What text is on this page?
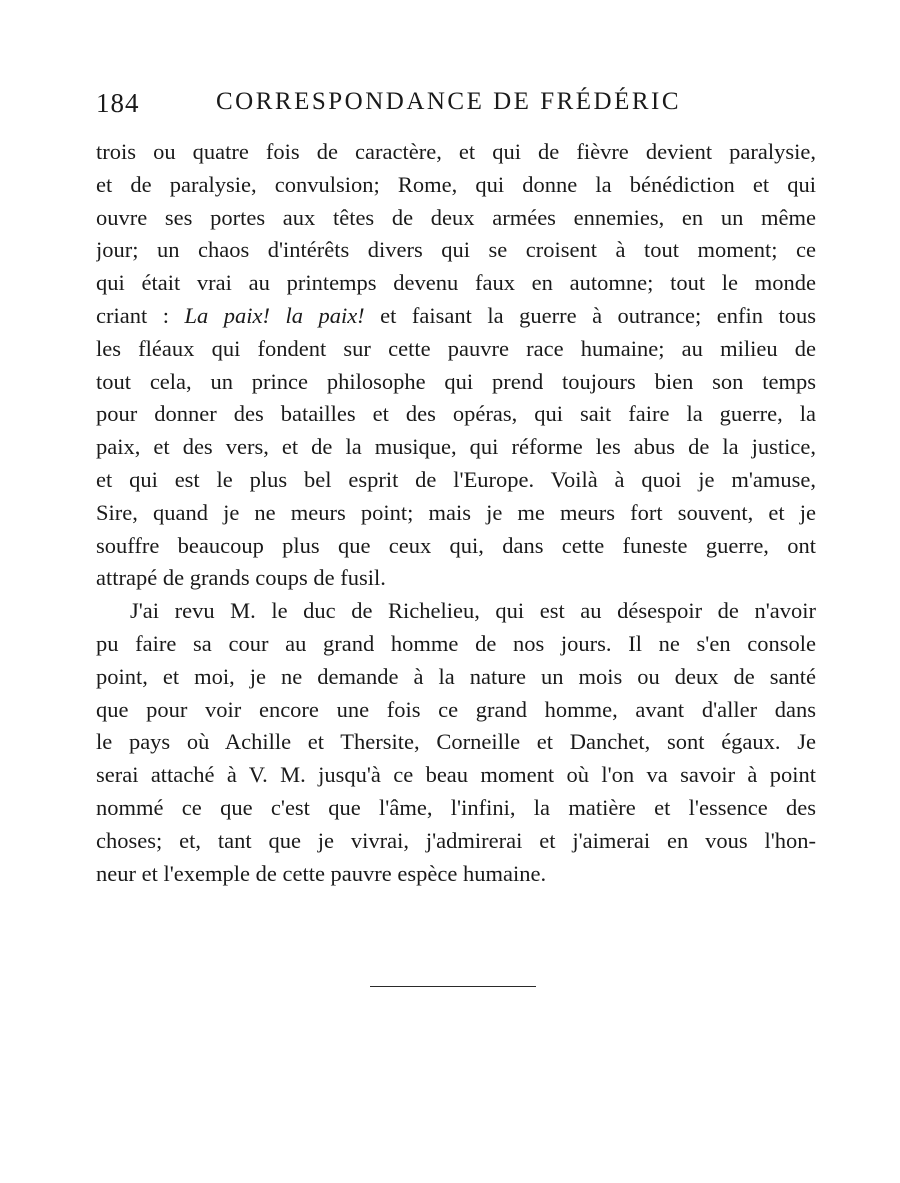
184	CORRESPONDANCE DE FRÉDÉRIC
trois ou quatre fois de caractère, et qui de fièvre devient paralysie,
et de paralysie, convulsion; Rome, qui donne la bénédiction et qui
ouvre ses portes aux têtes de deux armées ennemies, en un même
jour; un chaos d'intérêts divers qui se croisent à tout moment; ce
qui était vrai au printemps devenu faux en automne; tout le monde
criant : La paix! la paix! et faisant la guerre à outrance; enfin tous
les fléaux qui fondent sur cette pauvre race humaine; au milieu de
tout cela, un prince philosophe qui prend toujours bien son temps
pour donner des batailles et des opéras, qui sait faire la guerre, la
paix, et des vers, et de la musique, qui réforme les abus de la justice,
et qui est le plus bel esprit de l'Europe. Voilà à quoi je m'amuse,
Sire, quand je ne meurs point; mais je me meurs fort souvent, et je
souffre beaucoup plus que ceux qui, dans cette funeste guerre, ont
attrapé de grands coups de fusil.
J'ai revu M. le duc de Richelieu, qui est au désespoir de n'avoir
pu faire sa cour au grand homme de nos jours. Il ne s'en console
point, et moi, je ne demande à la nature un mois ou deux de santé
que pour voir encore une fois ce grand homme, avant d'aller dans
le pays où Achille et Thersite, Corneille et Danchet, sont égaux. Je
serai attaché à V. M. jusqu'à ce beau moment où l'on va savoir à point
nommé ce que c'est que l'âme, l'infini, la matière et l'essence des
choses; et, tant que je vivrai, j'admirerai et j'aimerai en vous l'hon-
neur et l'exemple de cette pauvre espèce humaine.
